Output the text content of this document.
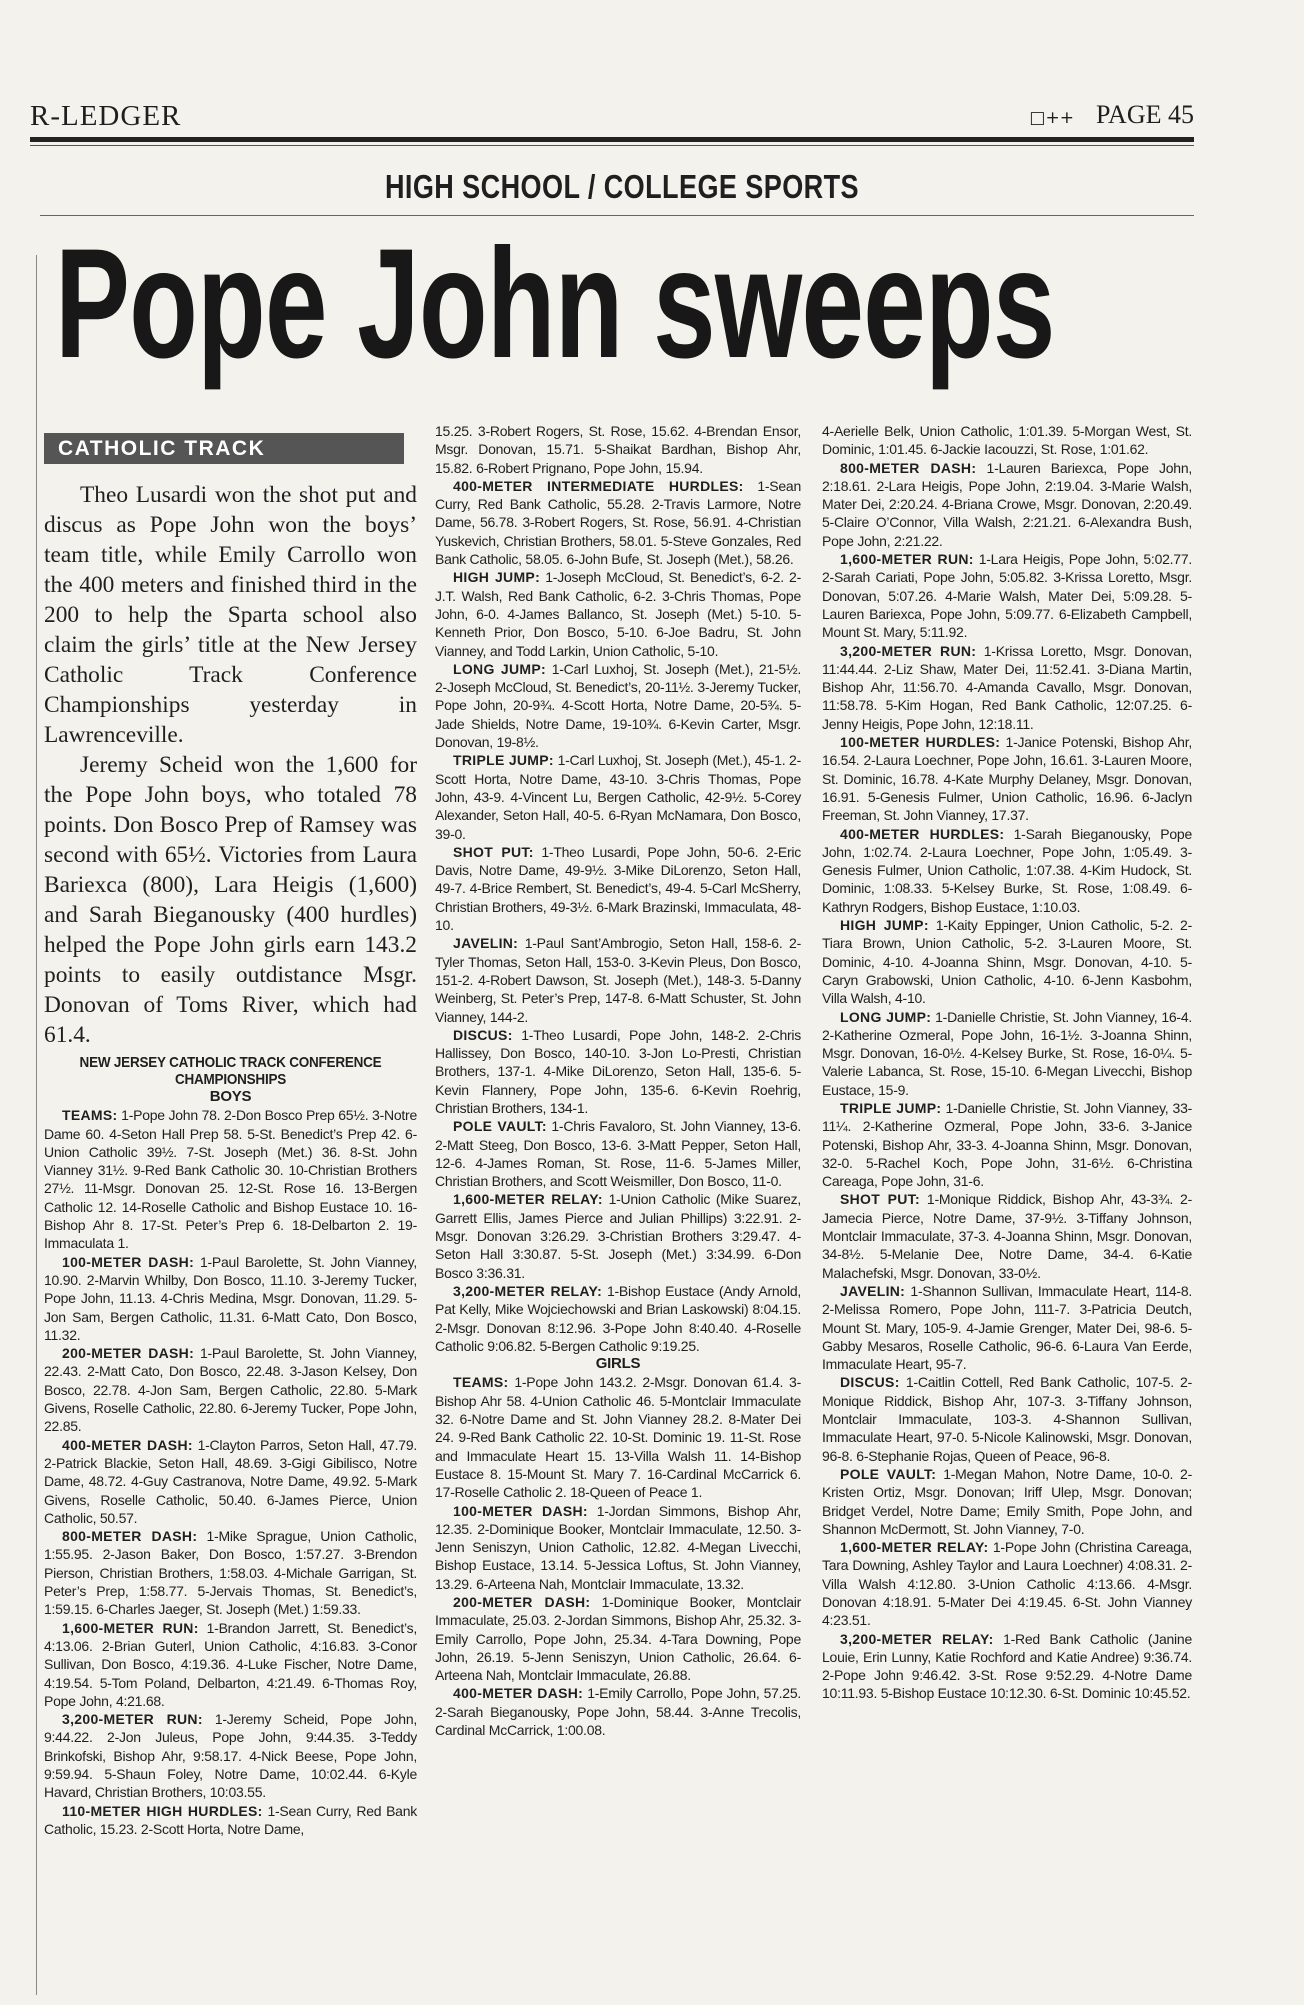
R-LEDGER	□++ PAGE 45
HIGH SCHOOL / COLLEGE SPORTS
Pope John sweeps
CATHOLIC TRACK

Theo Lusardi won the shot put and discus as Pope John won the boys’ team title, while Emily Carrollo won the 400 meters and finished third in the 200 to help the Sparta school also claim the girls’ title at the New Jersey Catholic Track Conference Championships yesterday in Lawrenceville.

Jeremy Scheid won the 1,600 for the Pope John boys, who totaled 78 points. Don Bosco Prep of Ramsey was second with 65½. Victories from Laura Bariexca (800), Lara Heigis (1,600) and Sarah Bieganousky (400 hurdles) helped the Pope John girls earn 143.2 points to easily outdistance Msgr. Donovan of Toms River, which had 61.4.

NEW JERSEY CATHOLIC TRACK CONFERENCE CHAMPIONSHIPS

BOYS

TEAMS: 1-Pope John 78. 2-Don Bosco Prep 65½. 3-Notre Dame 60. 4-Seton Hall Prep 58. 5-St. Benedict’s Prep 42. 6-Union Catholic 39½. 7-St. Joseph (Met.) 36. 8-St. John Vianney 31½. 9-Red Bank Catholic 30. 10-Christian Brothers 27½. 11-Msgr. Donovan 25. 12-St. Rose 16. 13-Bergen Catholic 12. 14-Roselle Catholic and Bishop Eustace 10. 16-Bishop Ahr 8. 17-St. Peter’s Prep 6. 18-Delbarton 2. 19-Immaculata 1.

100-METER DASH: 1-Paul Barolette, St. John Vianney, 10.90. 2-Marvin Whilby, Don Bosco, 11.10. 3-Jeremy Tucker, Pope John, 11.13. 4-Chris Medina, Msgr. Donovan, 11.29. 5-Jon Sam, Bergen Catholic, 11.31. 6-Matt Cato, Don Bosco, 11.32.

200-METER DASH: 1-Paul Barolette, St. John Vianney, 22.43. 2-Matt Cato, Don Bosco, 22.48. 3-Jason Kelsey, Don Bosco, 22.78. 4-Jon Sam, Bergen Catholic, 22.80. 5-Mark Givens, Roselle Catholic, 22.80. 6-Jeremy Tucker, Pope John, 22.85.

400-METER DASH: 1-Clayton Parros, Seton Hall, 47.79. 2-Patrick Blackie, Seton Hall, 48.69. 3-Gigi Gibilisco, Notre Dame, 48.72. 4-Guy Castranova, Notre Dame, 49.92. 5-Mark Givens, Roselle Catholic, 50.40. 6-James Pierce, Union Catholic, 50.57.

800-METER DASH: 1-Mike Sprague, Union Catholic, 1:55.95. 2-Jason Baker, Don Bosco, 1:57.27. 3-Brendon Pierson, Christian Brothers, 1:58.03. 4-Michale Garrigan, St. Peter’s Prep, 1:58.77. 5-Jervais Thomas, St. Benedict’s, 1:59.15. 6-Charles Jaeger, St. Joseph (Met.) 1:59.33.

1,600-METER RUN: 1-Brandon Jarrett, St. Benedict’s, 4:13.06. 2-Brian Guterl, Union Catholic, 4:16.83. 3-Conor Sullivan, Don Bosco, 4:19.36. 4-Luke Fischer, Notre Dame, 4:19.54. 5-Tom Poland, Delbarton, 4:21.49. 6-Thomas Roy, Pope John, 4:21.68.

3,200-METER RUN: 1-Jeremy Scheid, Pope John, 9:44.22. 2-Jon Juleus, Pope John, 9:44.35. 3-Teddy Brinkofski, Bishop Ahr, 9:58.17. 4-Nick Beese, Pope John, 9:59.94. 5-Shaun Foley, Notre Dame, 10:02.44. 6-Kyle Havard, Christian Brothers, 10:03.55.

110-METER HIGH HURDLES: 1-Sean Curry, Red Bank Catholic, 15.23. 2-Scott Horta, Notre Dame,

15.25. 3-Robert Rogers, St. Rose, 15.62. 4-Brendan Ensor, Msgr. Donovan, 15.71. 5-Shaikat Bardhan, Bishop Ahr, 15.82. 6-Robert Prignano, Pope John, 15.94.

400-METER INTERMEDIATE HURDLES: 1-Sean Curry, Red Bank Catholic, 55.28. 2-Travis Larmore, Notre Dame, 56.78. 3-Robert Rogers, St. Rose, 56.91. 4-Christian Yuskevich, Christian Brothers, 58.01. 5-Steve Gonzales, Red Bank Catholic, 58.05. 6-John Bufe, St. Joseph (Met.), 58.26.

HIGH JUMP: 1-Joseph McCloud, St. Benedict’s, 6-2. 2-J.T. Walsh, Red Bank Catholic, 6-2. 3-Chris Thomas, Pope John, 6-0. 4-James Ballanco, St. Joseph (Met.) 5-10. 5-Kenneth Prior, Don Bosco, 5-10. 6-Joe Badru, St. John Vianney, and Todd Larkin, Union Catholic, 5-10.

LONG JUMP: 1-Carl Luxhoj, St. Joseph (Met.), 21-5½. 2-Joseph McCloud, St. Benedict’s, 20-11½. 3-Jeremy Tucker, Pope John, 20-9¾. 4-Scott Horta, Notre Dame, 20-5¾. 5-Jade Shields, Notre Dame, 19-10¾. 6-Kevin Carter, Msgr. Donovan, 19-8½.

TRIPLE JUMP: 1-Carl Luxhoj, St. Joseph (Met.), 45-1. 2-Scott Horta, Notre Dame, 43-10. 3-Chris Thomas, Pope John, 43-9. 4-Vincent Lu, Bergen Catholic, 42-9½. 5-Corey Alexander, Seton Hall, 40-5. 6-Ryan McNamara, Don Bosco, 39-0.

SHOT PUT: 1-Theo Lusardi, Pope John, 50-6. 2-Eric Davis, Notre Dame, 49-9½. 3-Mike DiLorenzo, Seton Hall, 49-7. 4-Brice Rembert, St. Benedict’s, 49-4. 5-Carl McSherry, Christian Brothers, 49-3½. 6-Mark Brazinski, Immaculata, 48-10.

JAVELIN: 1-Paul Sant’Ambrogio, Seton Hall, 158-6. 2-Tyler Thomas, Seton Hall, 153-0. 3-Kevin Pleus, Don Bosco, 151-2. 4-Robert Dawson, St. Joseph (Met.), 148-3. 5-Danny Weinberg, St. Peter’s Prep, 147-8. 6-Matt Schuster, St. John Vianney, 144-2.

DISCUS: 1-Theo Lusardi, Pope John, 148-2. 2-Chris Hallissey, Don Bosco, 140-10. 3-Jon Lo-Presti, Christian Brothers, 137-1. 4-Mike DiLorenzo, Seton Hall, 135-6. 5-Kevin Flannery, Pope John, 135-6. 6-Kevin Roehrig, Christian Brothers, 134-1.

POLE VAULT: 1-Chris Favaloro, St. John Vianney, 13-6. 2-Matt Steeg, Don Bosco, 13-6. 3-Matt Pepper, Seton Hall, 12-6. 4-James Roman, St. Rose, 11-6. 5-James Miller, Christian Brothers, and Scott Weismiller, Don Bosco, 11-0.

1,600-METER RELAY: 1-Union Catholic (Mike Suarez, Garrett Ellis, James Pierce and Julian Phillips) 3:22.91. 2-Msgr. Donovan 3:26.29. 3-Christian Brothers 3:29.47. 4-Seton Hall 3:30.87. 5-St. Joseph (Met.) 3:34.99. 6-Don Bosco 3:36.31.

3,200-METER RELAY: 1-Bishop Eustace (Andy Arnold, Pat Kelly, Mike Wojciechowski and Brian Laskowski) 8:04.15. 2-Msgr. Donovan 8:12.96. 3-Pope John 8:40.40. 4-Roselle Catholic 9:06.82. 5-Bergen Catholic 9:19.25.

GIRLS

TEAMS: 1-Pope John 143.2. 2-Msgr. Donovan 61.4. 3-Bishop Ahr 58. 4-Union Catholic 46. 5-Montclair Immaculate 32. 6-Notre Dame and St. John Vianney 28.2. 8-Mater Dei 24. 9-Red Bank Catholic 22. 10-St. Dominic 19. 11-St. Rose and Immaculate Heart 15. 13-Villa Walsh 11. 14-Bishop Eustace 8. 15-Mount St. Mary 7. 16-Cardinal McCarrick 6. 17-Roselle Catholic 2. 18-Queen of Peace 1.

100-METER DASH: 1-Jordan Simmons, Bishop Ahr, 12.35. 2-Dominique Booker, Montclair Immaculate, 12.50. 3-Jenn Seniszyn, Union Catholic, 12.82. 4-Megan Livecchi, Bishop Eustace, 13.14. 5-Jessica Loftus, St. John Vianney, 13.29. 6-Arteena Nah, Montclair Immaculate, 13.32.

200-METER DASH: 1-Dominique Booker, Montclair Immaculate, 25.03. 2-Jordan Simmons, Bishop Ahr, 25.32. 3-Emily Carrollo, Pope John, 25.34. 4-Tara Downing, Pope John, 26.19. 5-Jenn Seniszyn, Union Catholic, 26.64. 6-Arteena Nah, Montclair Immaculate, 26.88.

400-METER DASH: 1-Emily Carrollo, Pope John, 57.25. 2-Sarah Bieganousky, Pope John, 58.44. 3-Anne Trecolis, Cardinal McCarrick, 1:00.08.

4-Aerielle Belk, Union Catholic, 1:01.39. 5-Morgan West, St. Dominic, 1:01.45. 6-Jackie Iacouzzi, St. Rose, 1:01.62.

800-METER DASH: 1-Lauren Bariexca, Pope John, 2:18.61. 2-Lara Heigis, Pope John, 2:19.04. 3-Marie Walsh, Mater Dei, 2:20.24. 4-Briana Crowe, Msgr. Donovan, 2:20.49. 5-Claire O’Connor, Villa Walsh, 2:21.21. 6-Alexandra Bush, Pope John, 2:21.22.

1,600-METER RUN: 1-Lara Heigis, Pope John, 5:02.77. 2-Sarah Cariati, Pope John, 5:05.82. 3-Krissa Loretto, Msgr. Donovan, 5:07.26. 4-Marie Walsh, Mater Dei, 5:09.28. 5-Lauren Bariexca, Pope John, 5:09.77. 6-Elizabeth Campbell, Mount St. Mary, 5:11.92.

3,200-METER RUN: 1-Krissa Loretto, Msgr. Donovan, 11:44.44. 2-Liz Shaw, Mater Dei, 11:52.41. 3-Diana Martin, Bishop Ahr, 11:56.70. 4-Amanda Cavallo, Msgr. Donovan, 11:58.78. 5-Kim Hogan, Red Bank Catholic, 12:07.25. 6-Jenny Heigis, Pope John, 12:18.11.

100-METER HURDLES: 1-Janice Potenski, Bishop Ahr, 16.54. 2-Laura Loechner, Pope John, 16.61. 3-Lauren Moore, St. Dominic, 16.78. 4-Kate Murphy Delaney, Msgr. Donovan, 16.91. 5-Genesis Fulmer, Union Catholic, 16.96. 6-Jaclyn Freeman, St. John Vianney, 17.37.

400-METER HURDLES: 1-Sarah Bieganousky, Pope John, 1:02.74. 2-Laura Loechner, Pope John, 1:05.49. 3-Genesis Fulmer, Union Catholic, 1:07.38. 4-Kim Hudock, St. Dominic, 1:08.33. 5-Kelsey Burke, St. Rose, 1:08.49. 6-Kathryn Rodgers, Bishop Eustace, 1:10.03.

HIGH JUMP: 1-Kaity Eppinger, Union Catholic, 5-2. 2-Tiara Brown, Union Catholic, 5-2. 3-Lauren Moore, St. Dominic, 4-10. 4-Joanna Shinn, Msgr. Donovan, 4-10. 5-Caryn Grabowski, Union Catholic, 4-10. 6-Jenn Kasbohm, Villa Walsh, 4-10.

LONG JUMP: 1-Danielle Christie, St. John Vianney, 16-4. 2-Katherine Ozmeral, Pope John, 16-1½. 3-Joanna Shinn, Msgr. Donovan, 16-0½. 4-Kelsey Burke, St. Rose, 16-0¼. 5-Valerie Labanca, St. Rose, 15-10. 6-Megan Livecchi, Bishop Eustace, 15-9.

TRIPLE JUMP: 1-Danielle Christie, St. John Vianney, 33-11¼. 2-Katherine Ozmeral, Pope John, 33-6. 3-Janice Potenski, Bishop Ahr, 33-3. 4-Joanna Shinn, Msgr. Donovan, 32-0. 5-Rachel Koch, Pope John, 31-6½. 6-Christina Careaga, Pope John, 31-6.

SHOT PUT: 1-Monique Riddick, Bishop Ahr, 43-3¾. 2-Jamecia Pierce, Notre Dame, 37-9½. 3-Tiffany Johnson, Montclair Immaculate, 37-3. 4-Joanna Shinn, Msgr. Donovan, 34-8½. 5-Melanie Dee, Notre Dame, 34-4. 6-Katie Malachefski, Msgr. Donovan, 33-0½.

JAVELIN: 1-Shannon Sullivan, Immaculate Heart, 114-8. 2-Melissa Romero, Pope John, 111-7. 3-Patricia Deutch, Mount St. Mary, 105-9. 4-Jamie Grenger, Mater Dei, 98-6. 5-Gabby Mesaros, Roselle Catholic, 96-6. 6-Laura Van Eerde, Immaculate Heart, 95-7.

DISCUS: 1-Caitlin Cottell, Red Bank Catholic, 107-5. 2-Monique Riddick, Bishop Ahr, 107-3. 3-Tiffany Johnson, Montclair Immaculate, 103-3. 4-Shannon Sullivan, Immaculate Heart, 97-0. 5-Nicole Kalinowski, Msgr. Donovan, 96-8. 6-Stephanie Rojas, Queen of Peace, 96-8.

POLE VAULT: 1-Megan Mahon, Notre Dame, 10-0. 2-Kristen Ortiz, Msgr. Donovan; Iriff Ulep, Msgr. Donovan; Bridget Verdel, Notre Dame; Emily Smith, Pope John, and Shannon McDermott, St. John Vianney, 7-0.

1,600-METER RELAY: 1-Pope John (Christina Careaga, Tara Downing, Ashley Taylor and Laura Loechner) 4:08.31. 2-Villa Walsh 4:12.80. 3-Union Catholic 4:13.66. 4-Msgr. Donovan 4:18.91. 5-Mater Dei 4:19.45. 6-St. John Vianney 4:23.51.

3,200-METER RELAY: 1-Red Bank Catholic (Janine Louie, Erin Lunny, Katie Rochford and Katie Andree) 9:36.74. 2-Pope John 9:46.42. 3-St. Rose 9:52.29. 4-Notre Dame 10:11.93. 5-Bishop Eustace 10:12.30. 6-St. Dominic 10:45.52.
